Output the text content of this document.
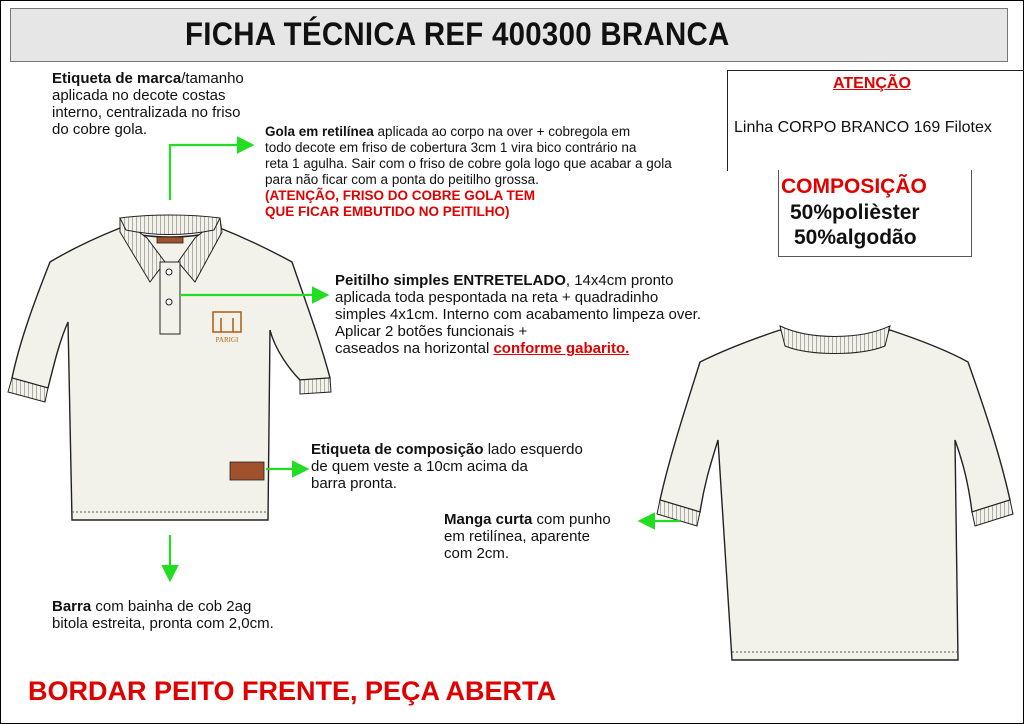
FICHA TÉCNICA REF 400300 BRANCA
PARIGI
Etiqueta de marca/tamanho
aplicada no decote costas
interno, centralizada no friso
do cobre gola.	Gola em retilínea aplicada ao corpo na over + cobregola em
todo decote em friso de cobertura 3cm 1 vira bico contrário na
reta 1 agulha. Sair com o friso de cobre gola logo que acabar a gola
para não ficar com a ponta do peitilho grossa.
(ATENÇÃO, FRISO DO COBRE GOLA TEM
QUE FICAR EMBUTIDO NO PEITILHO)
Peitilho simples ENTRETELADO, 14x4cm pronto
aplicada toda pespontada na reta + quadradinho
simples 4x1cm. Interno com acabamento limpeza over.
Aplicar 2 botões funcionais +
caseados na horizontal conforme gabarito.
Etiqueta de composição lado esquerdo
de quem veste a 10cm acima da
barra pronta.
Manga curta com punho
em retilínea, aparente
com 2cm.
Barra com bainha de cob 2ag
bitola estreita, pronta com 2,0cm.
ATENÇÃO
Linha CORPO BRANCO 169 Filotex
COMPOSIÇÃO
50%polièster
50%algodão
BORDAR PEITO FRENTE, PEÇA ABERTA
